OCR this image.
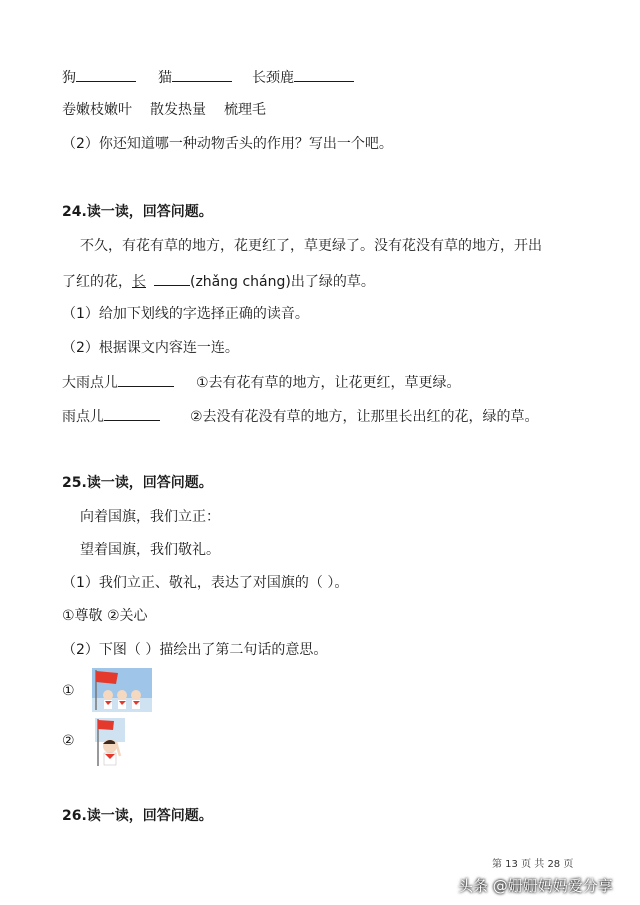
狗	猫	长颈鹿
卷嫩枝嫩叶 散发热量 梳理毛
（2）你还知道哪一种动物舌头的作用？写出一个吧。
24.读一读，回答问题。
不久，有花有草的地方，花更红了，草更绿了。没有花没有草的地方，开出
了红的花，长	(zhǎng cháng)出了绿的草。
（1）给加下划线的字选择正确的读音。
（2）根据课文内容连一连。
大雨点儿	①去有花有草的地方，让花更红，草更绿。
雨点儿	②去没有花没有草的地方，让那里长出红的花，绿的草。
25.读一读，回答问题。
向着国旗，我们立正：
望着国旗，我们敬礼。
（1）我们立正、敬礼，表达了对国旗的（ ）。
①尊敬 ②关心
（2）下图（ ）描绘出了第二句话的意思。
①
②
26.读一读，回答问题。
第 13 页 共 28 页
头条 @姗姗妈妈爱分享
